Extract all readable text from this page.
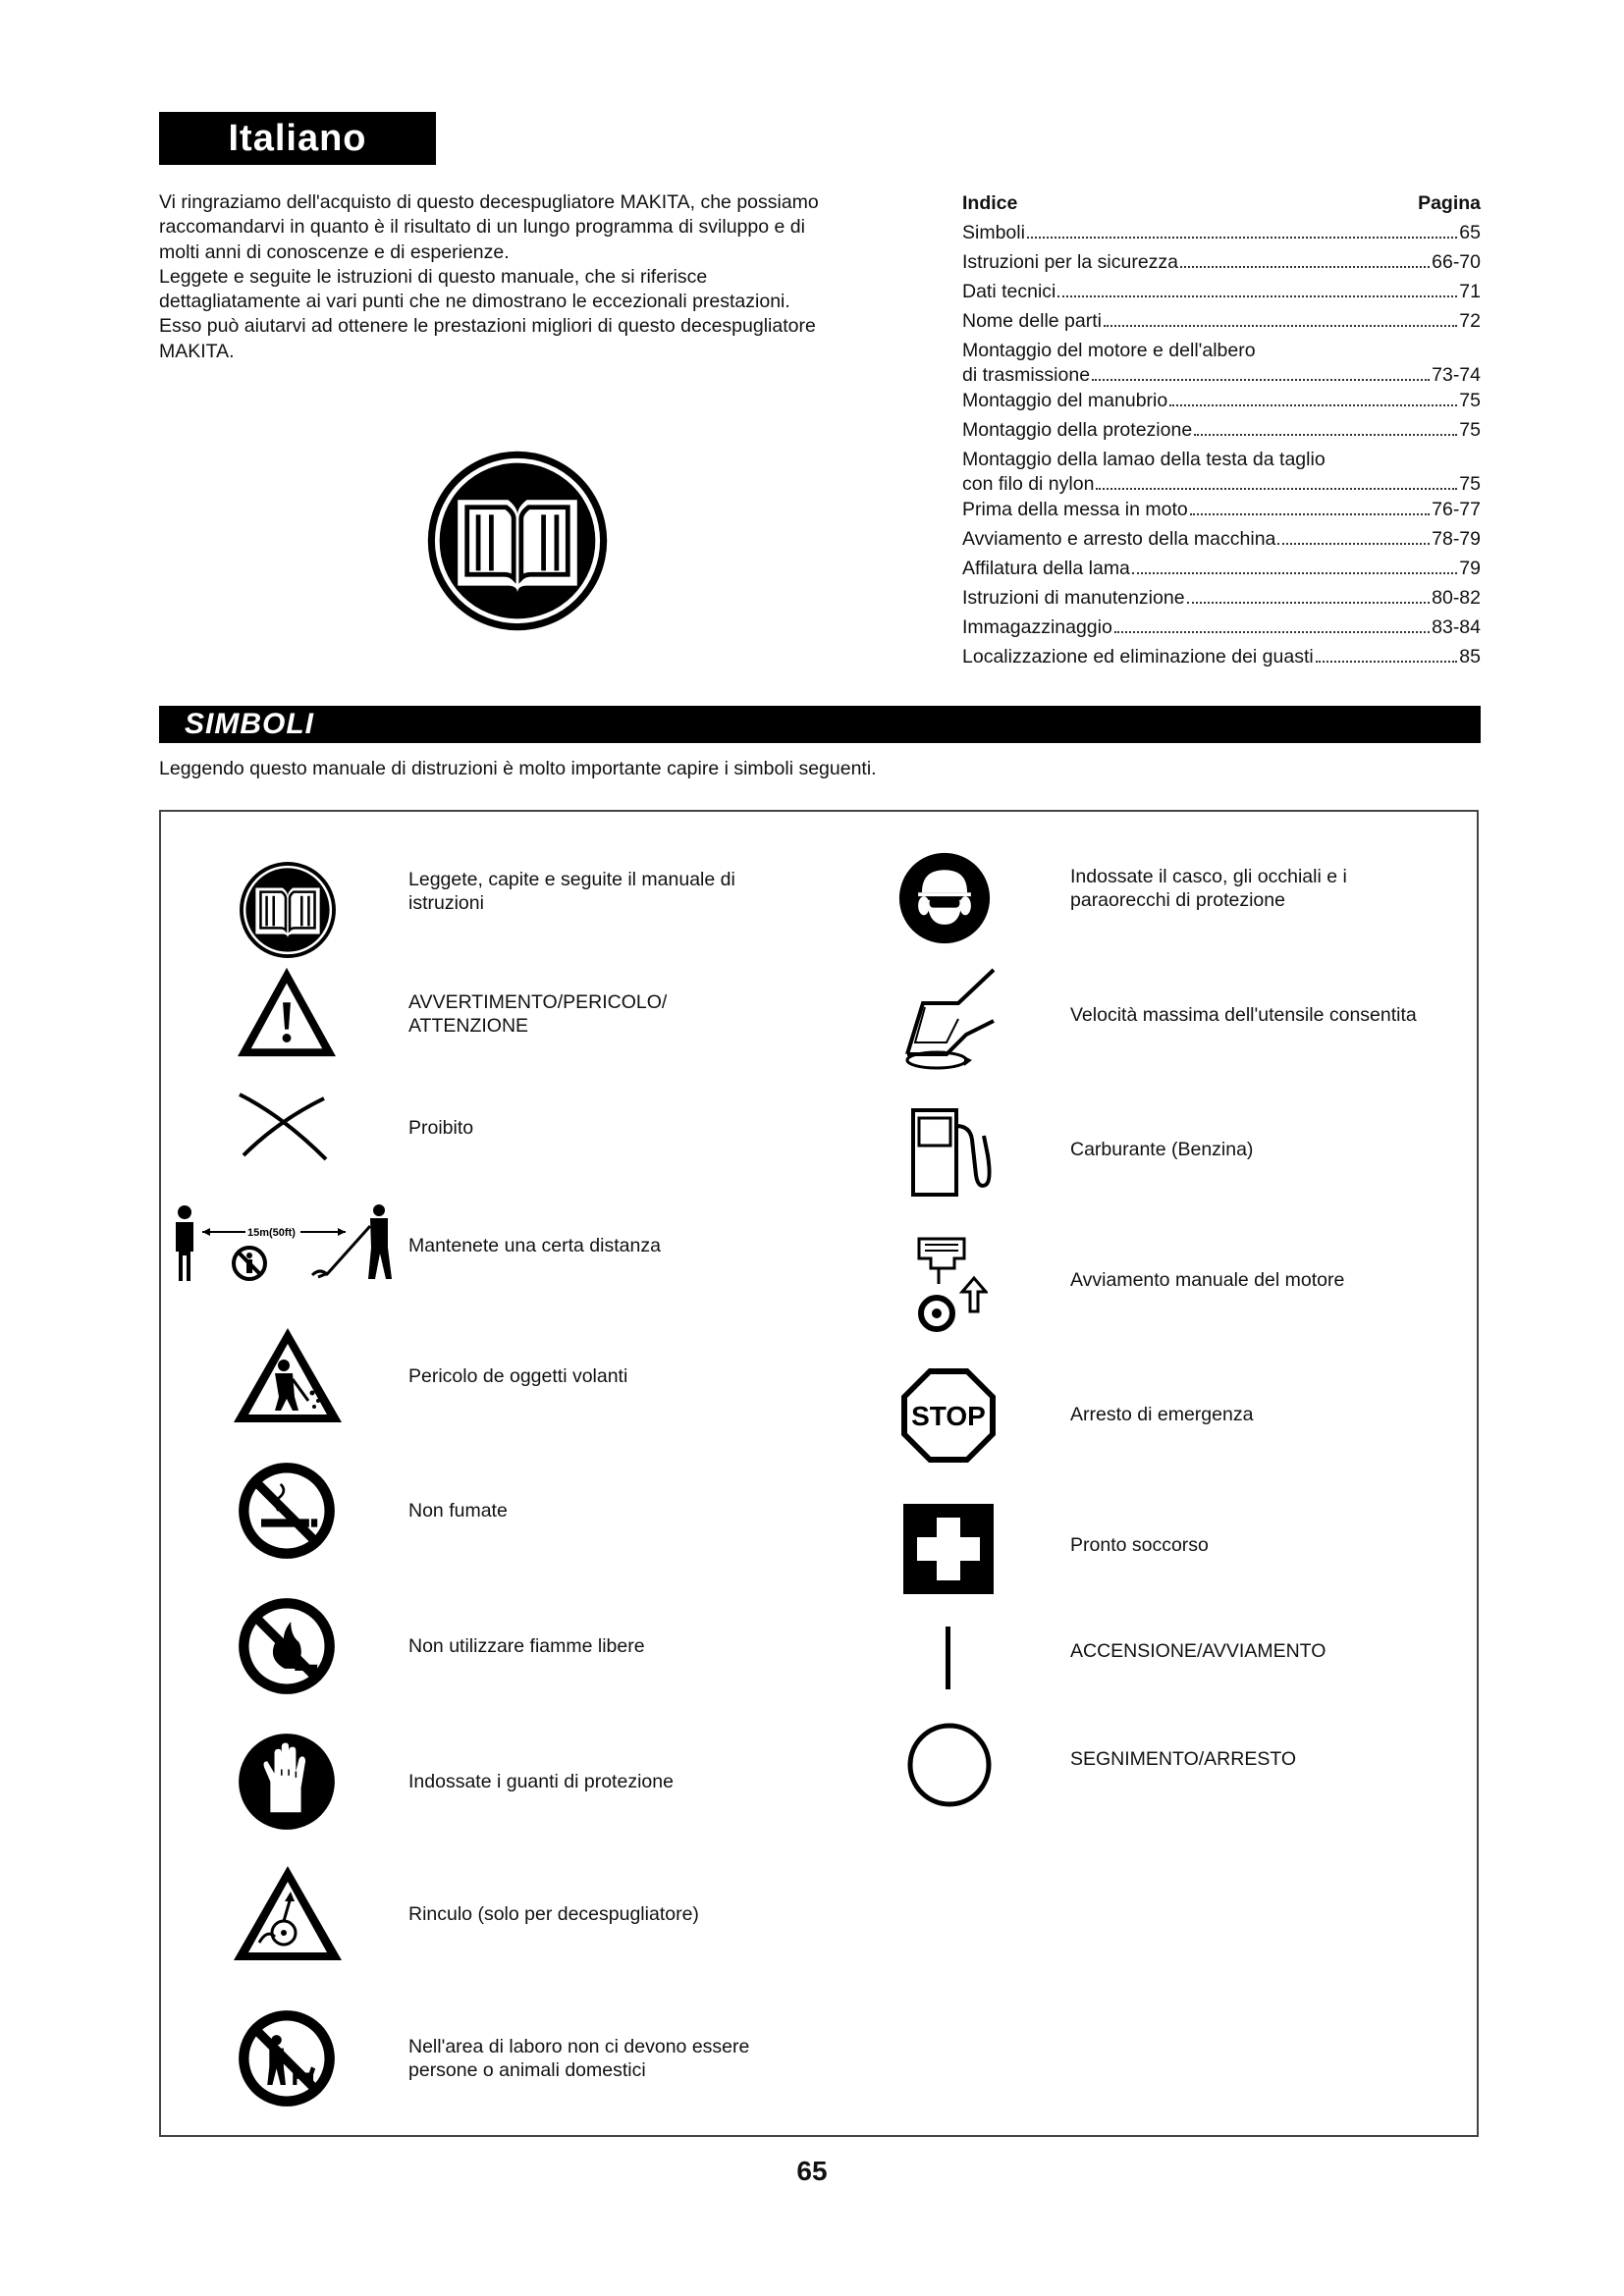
Italiano

Vi ringraziamo dell'acquisto di questo decespugliatore MAKITA, che possiamo

raccomandarvi in quanto è il risultato di un lungo programma di sviluppo e di

molti anni di conoscenze e di esperienze.

Leggete e seguite le istruzioni di questo manuale, che si riferisce

dettagliatamente ai vari punti che ne dimostrano le eccezionali prestazioni.

Esso può aiutarvi ad ottenere le prestazioni migliori di questo decespugliatore

MAKITA.

Indice	Pagina
Simboli	65
Istruzioni per la sicurezza	66-70
Dati tecnici	71
Nome delle parti	72
Montaggio del motore e dell'albero
di trasmissione	73-74
Montaggio del manubrio	75
Montaggio della protezione	75
Montaggio della lamao della testa da taglio
con filo di nylon	75
Prima della messa in moto	76-77
Avviamento e arresto della macchina	78-79
Affilatura della lama	79
Istruzioni di manutenzione	80-82
Immagazzinaggio	83-84
Localizzazione ed eliminazione dei guasti	85
SIMBOLI
Leggendo questo manuale di distruzioni è molto importante capire i simboli seguenti.
Leggete, capite e seguite il manuale di
istruzioni
AVVERTIMENTO/PERICOLO/
ATTENZIONE
Proibito
15m(50ft)
Mantenete una certa distanza
Pericolo de oggetti volanti
Non fumate
Non utilizzare fiamme libere
Indossate i guanti di protezione
Rinculo (solo per decespugliatore)
Nell'area di laboro non ci devono essere
persone o animali domestici
Indossate il casco, gli occhiali e i
paraorecchi di protezione
Velocità massima dell'utensile consentita
Carburante (Benzina)
Avviamento manuale del motore
STOP	Arresto di emergenza
Pronto soccorso
ACCENSIONE/AVVIAMENTO
SEGNIMENTO/ARRESTO
65
